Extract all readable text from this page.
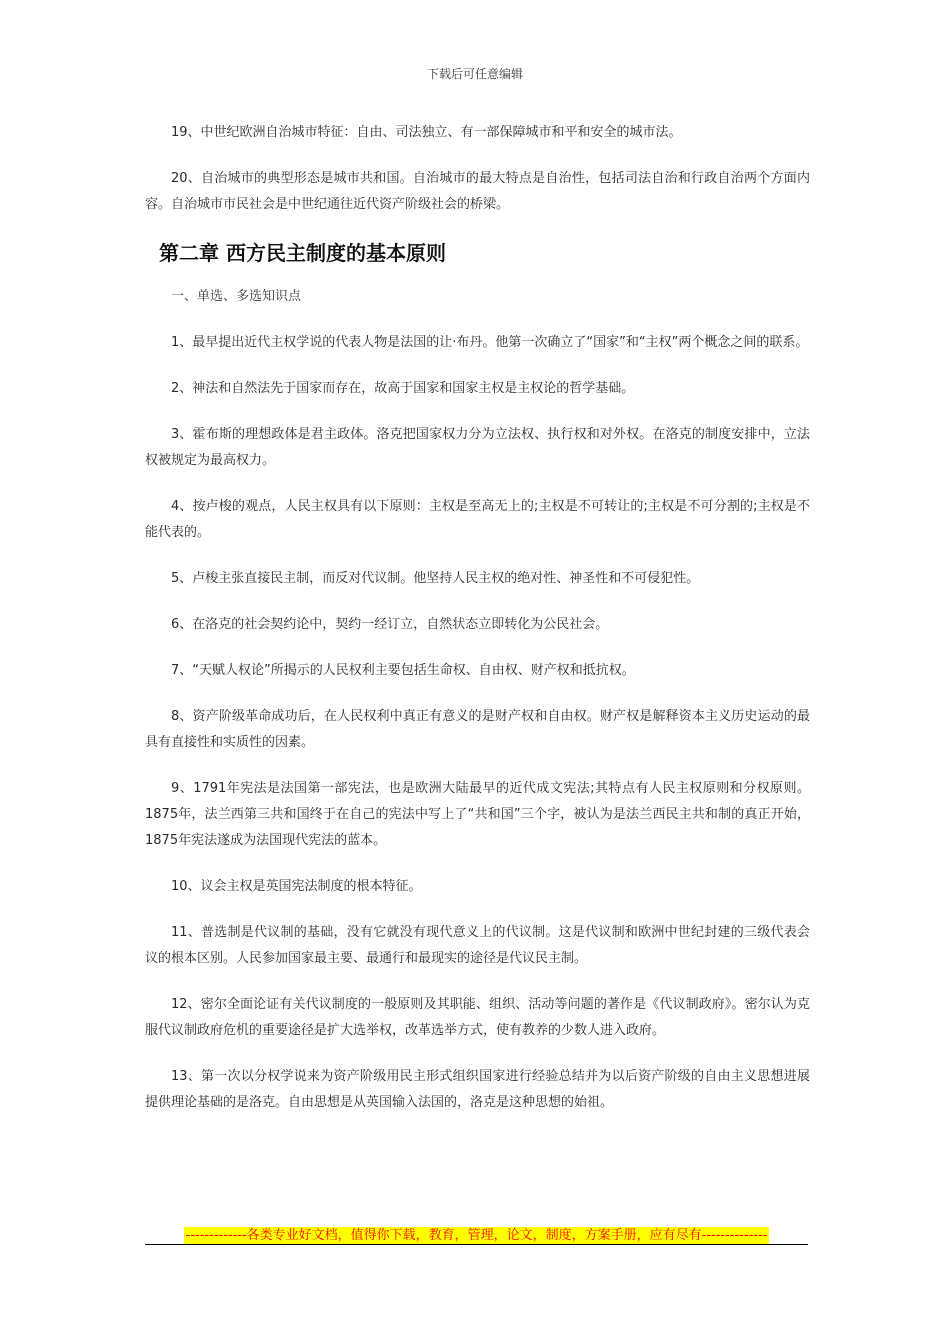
下载后可任意编辑

19、中世纪欧洲自治城市特征：自由、司法独立、有一部保障城市和平和安全的城市法。

20、自治城市的典型形态是城市共和国。自治城市的最大特点是自治性，包括司法自治和行政自治两个方面内容。自治城市市民社会是中世纪通往近代资产阶级社会的桥梁。

第二章 西方民主制度的基本原则

一、单选、多选知识点

1、最早提出近代主权学说的代表人物是法国的让·布丹。他第一次确立了“国家”和“主权”两个概念之间的联系。

2、神法和自然法先于国家而存在，故高于国家和国家主权是主权论的哲学基础。

3、霍布斯的理想政体是君主政体。洛克把国家权力分为立法权、执行权和对外权。在洛克的制度安排中，立法权被规定为最高权力。

4、按卢梭的观点，人民主权具有以下原则：主权是至高无上的;主权是不可转让的;主权是不可分割的;主权是不能代表的。

5、卢梭主张直接民主制，而反对代议制。他坚持人民主权的绝对性、神圣性和不可侵犯性。

6、在洛克的社会契约论中，契约一经订立，自然状态立即转化为公民社会。

7、“天赋人权论”所揭示的人民权利主要包括生命权、自由权、财产权和抵抗权。

8、资产阶级革命成功后，在人民权利中真正有意义的是财产权和自由权。财产权是解释资本主义历史运动的最具有直接性和实质性的因素。

9、1791年宪法是法国第一部宪法，也是欧洲大陆最早的近代成文宪法;其特点有人民主权原则和分权原则。1875年，法兰西第三共和国终于在自己的宪法中写上了“共和国”三个字，被认为是法兰西民主共和制的真正开始，1875年宪法遂成为法国现代宪法的蓝本。

10、议会主权是英国宪法制度的根本特征。

11、普选制是代议制的基础，没有它就没有现代意义上的代议制。这是代议制和欧洲中世纪封建的三级代表会议的根本区别。人民参加国家最主要、最通行和最现实的途径是代议民主制。

12、密尔全面论证有关代议制度的一般原则及其职能、组织、活动等问题的著作是《代议制政府》。密尔认为克服代议制政府危机的重要途径是扩大选举权，改革选举方式，使有教养的少数人进入政府。

13、第一次以分权学说来为资产阶级用民主形式组织国家进行经验总结并为以后资产阶级的自由主义思想进展提供理论基础的是洛克。自由思想是从英国输入法国的，洛克是这种思想的始祖。

-------------各类专业好文档，值得你下载，教育，管理，论文，制度，方案手册，应有尽有--------------
